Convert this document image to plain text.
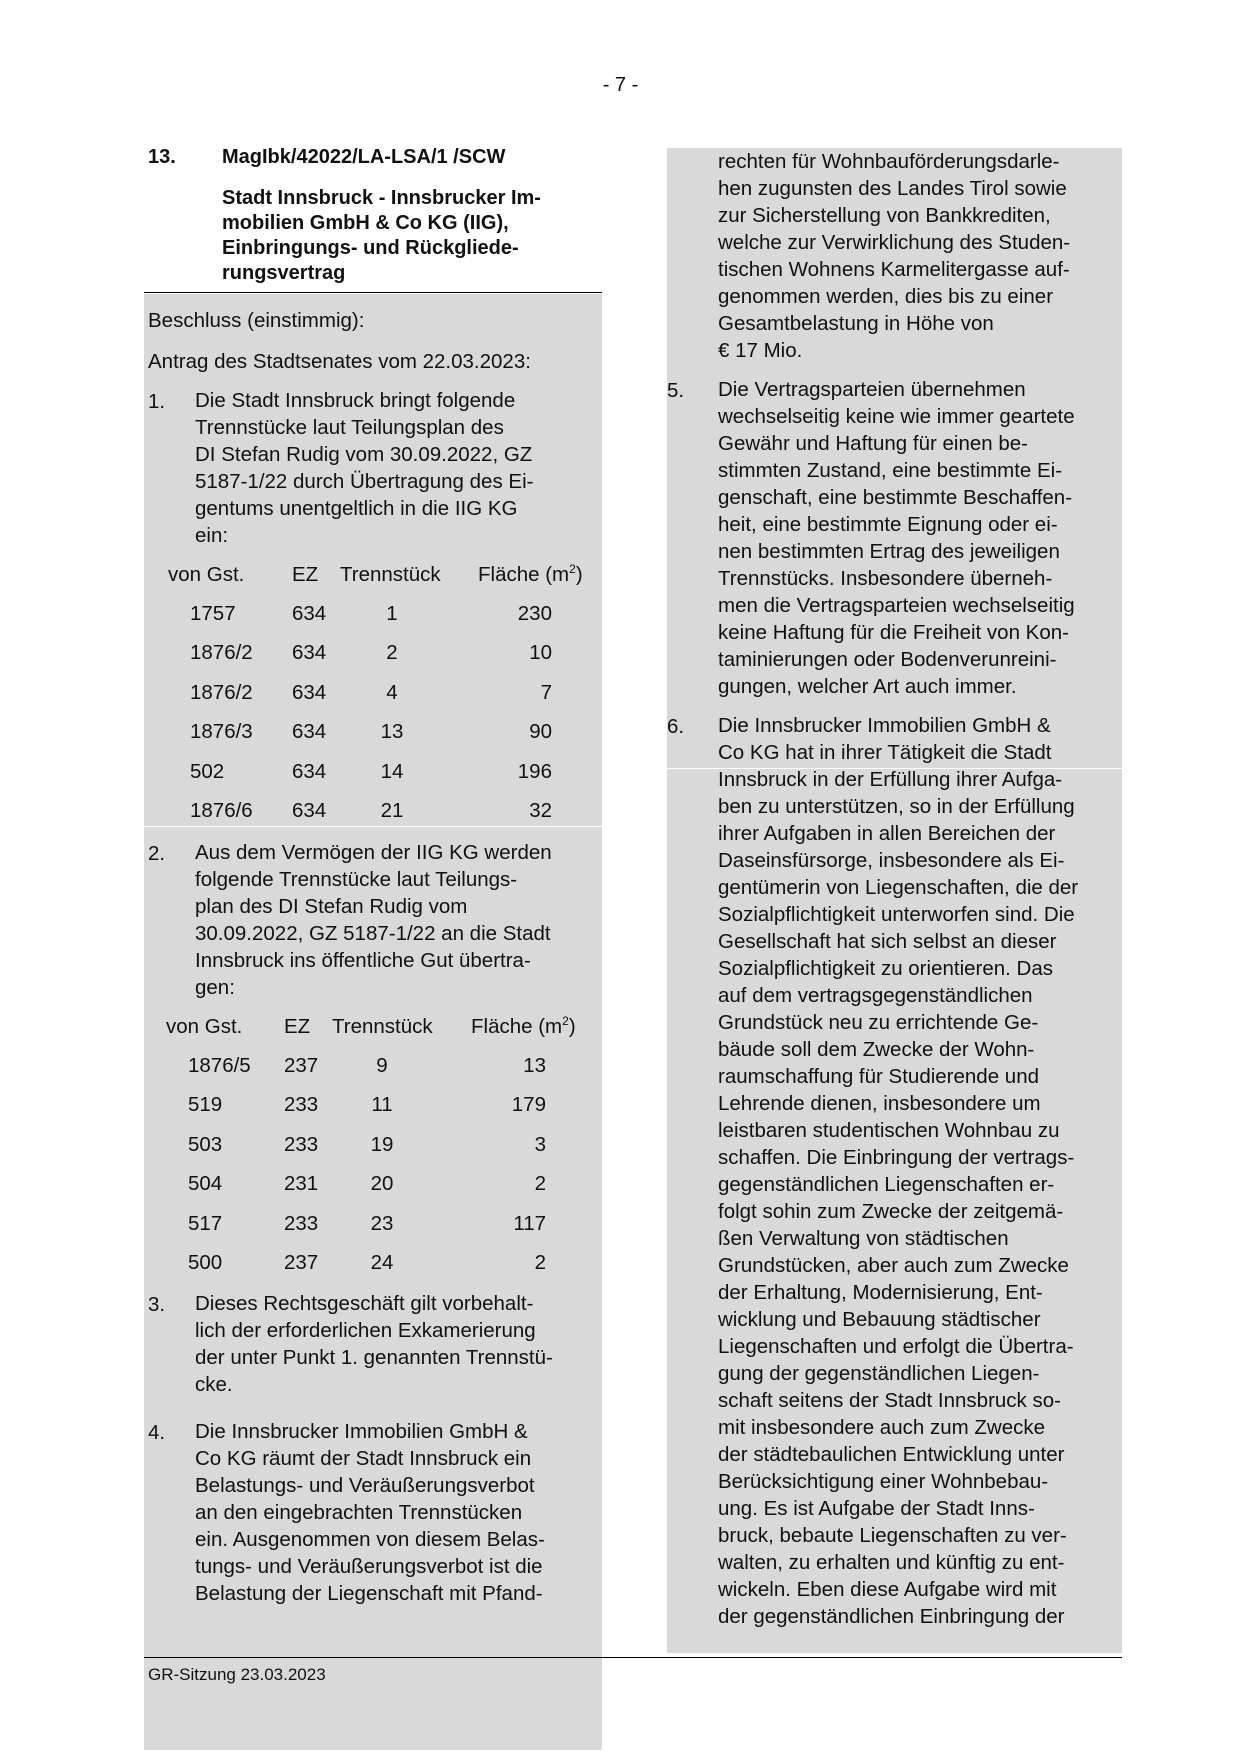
- 7 -
13. MagIbk/42022/LA-LSA/1 /SCW
Stadt Innsbruck - Innsbrucker Im-
mobilien GmbH & Co KG (IIG),
Einbringungs- und Rückgliede-
rungsvertrag
Beschluss (einstimmig):
Antrag des Stadtsenates vom 22.03.2023:
1. Die Stadt Innsbruck bringt folgende
Trennstücke laut Teilungsplan des
DI Stefan Rudig vom 30.09.2022, GZ
5187-1/22 durch Übertragung des Ei-
gentums unentgeltlich in die IIG KG
ein:
von Gst. EZ Trennstück Fläche $(m^2)$
1757	634	1	230
1876/2 634	2	10
1876/2 634	4	7
1876/3 634	13	90
502	634	14	196
1876/6 634	21	32
2. Aus dem Vermögen der IIG KG werden
folgende Trennstücke laut Teilungs-
plan des DI Stefan Rudig vom
30.09.2022, GZ 5187-1/22 an die Stadt
Innsbruck ins öffentliche Gut übertra-
gen:
von Gst. EZ Trennstück Fläche $(m^2)$
1876/5 237	9	13
519	233	11	179
503	233	19	3
504	231	20	2
517	233	23	117
500	237	24	2
3. Dieses Rechtsgeschäft gilt vorbehalt-
lich der erforderlichen Exkamerierung
der unter Punkt 1. genannten Trennstü-
cke.
4. Die Innsbrucker Immobilien GmbH &
Co KG räumt der Stadt Innsbruck ein
Belastungs- und Veräußerungsverbot
an den eingebrachten Trennstücken
ein. Ausgenommen von diesem Belas-
tungs- und Veräußerungsverbot ist die
Belastung der Liegenschaft mit Pfand-
rechten für Wohnbauförderungsdarle-
hen zugunsten des Landes Tirol sowie
zur Sicherstellung von Bankkrediten,
welche zur Verwirklichung des Studen-
tischen Wohnens Karmelitergasse auf-
genommen werden, dies bis zu einer
Gesamtbelastung in Höhe von
€ 17 Mio.
5. Die Vertragsparteien übernehmen
wechselseitig keine wie immer geartete
Gewähr und Haftung für einen be-
stimmten Zustand, eine bestimmte Ei-
genschaft, eine bestimmte Beschaffen-
heit, eine bestimmte Eignung oder ei-
nen bestimmten Ertrag des jeweiligen
Trennstücks. Insbesondere überneh-
men die Vertragsparteien wechselseitig
keine Haftung für die Freiheit von Kon-
taminierungen oder Bodenverunreini-
gungen, welcher Art auch immer.
6. Die Innsbrucker Immobilien GmbH &
Co KG hat in ihrer Tätigkeit die Stadt
Innsbruck in der Erfüllung ihrer Aufga-
ben zu unterstützen, so in der Erfüllung
ihrer Aufgaben in allen Bereichen der
Daseinsfürsorge, insbesondere als Ei-
gentümerin von Liegenschaften, die der
Sozialpflichtigkeit unterworfen sind. Die
Gesellschaft hat sich selbst an dieser
Sozialpflichtigkeit zu orientieren. Das
auf dem vertragsgegenständlichen
Grundstück neu zu errichtende Ge-
bäude soll dem Zwecke der Wohn-
raumschaffung für Studierende und
Lehrende dienen, insbesondere um
leistbaren studentischen Wohnbau zu
schaffen. Die Einbringung der vertrags-
gegenständlichen Liegenschaften er-
folgt sohin zum Zwecke der zeitgemä-
ßen Verwaltung von städtischen
Grundstücken, aber auch zum Zwecke
der Erhaltung, Modernisierung, Ent-
wicklung und Bebauung städtischer
Liegenschaften und erfolgt die Übertra-
gung der gegenständlichen Liegen-
schaft seitens der Stadt Innsbruck so-
mit insbesondere auch zum Zwecke
der städtebaulichen Entwicklung unter
Berücksichtigung einer Wohnbebau-
ung. Es ist Aufgabe der Stadt Inns-
bruck, bebaute Liegenschaften zu ver-
walten, zu erhalten und künftig zu ent-
wickeln. Eben diese Aufgabe wird mit
der gegenständlichen Einbringung der
GR-Sitzung 23.03.2023
